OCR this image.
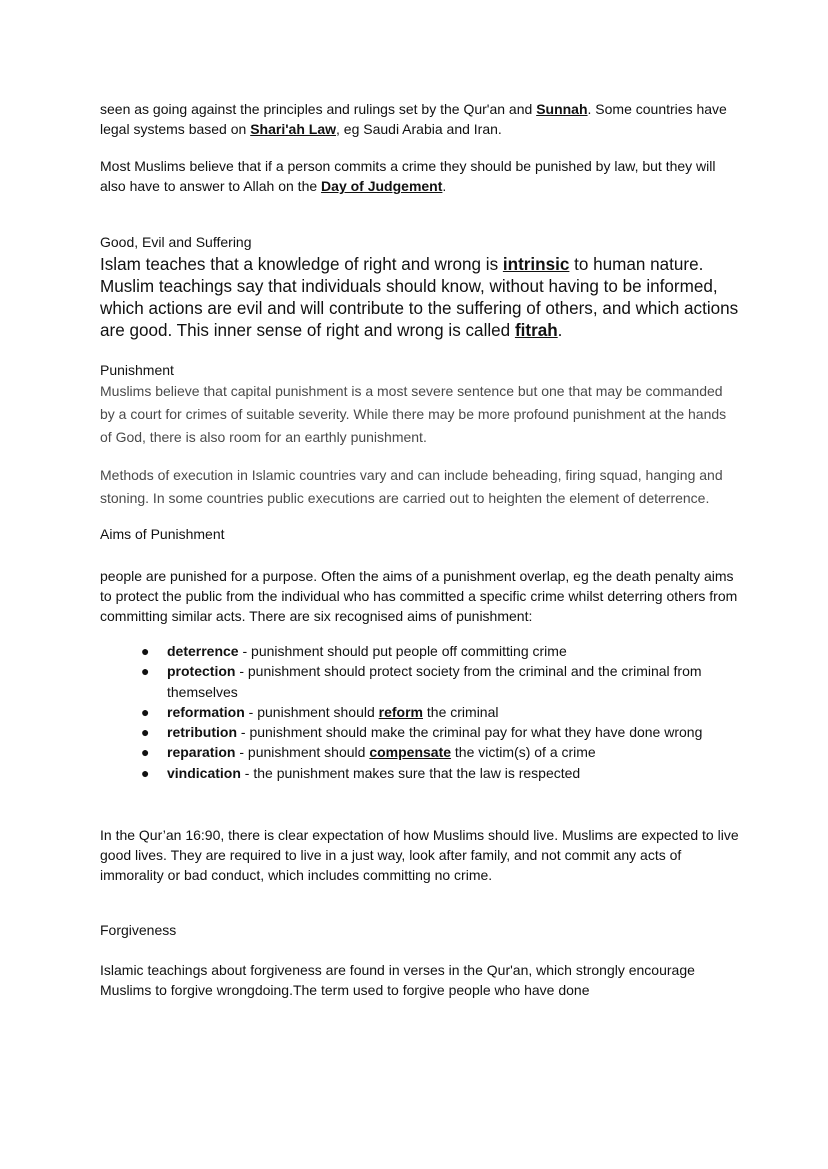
seen as going against the principles and rulings set by the Qur'an and Sunnah. Some countries have legal systems based on Shari'ah Law, eg Saudi Arabia and Iran.

Most Muslims believe that if a person commits a crime they should be punished by law, but they will also have to answer to Allah on the Day of Judgement.

Good, Evil and Suffering

Islam teaches that a knowledge of right and wrong is intrinsic to human nature. Muslim teachings say that individuals should know, without having to be informed, which actions are evil and will contribute to the suffering of others, and which actions are good. This inner sense of right and wrong is called fitrah.

Punishment

Muslims believe that capital punishment is a most severe sentence but one that may be commanded by a court for crimes of suitable severity. While there may be more profound punishment at the hands of God, there is also room for an earthly punishment.

Methods of execution in Islamic countries vary and can include beheading, firing squad, hanging and stoning. In some countries public executions are carried out to heighten the element of deterrence.

Aims of Punishment

people are punished for a purpose. Often the aims of a punishment overlap, eg the death penalty aims to protect the public from the individual who has committed a specific crime whilst deterring others from committing similar acts. There are six recognised aims of punishment:

● deterrence - punishment should put people off committing crime
● protection - punishment should protect society from the criminal and the criminal from themselves
● reformation - punishment should reform the criminal
● retribution - punishment should make the criminal pay for what they have done wrong
● reparation - punishment should compensate the victim(s) of a crime
● vindication - the punishment makes sure that the law is respected

In the Qur’an 16:90, there is clear expectation of how Muslims should live. Muslims are expected to live good lives. They are required to live in a just way, look after family, and not commit any acts of immorality or bad conduct, which includes committing no crime.

Forgiveness

Islamic teachings about forgiveness are found in verses in the Qur'an, which strongly encourage Muslims to forgive wrongdoing.The term used to forgive people who have done
